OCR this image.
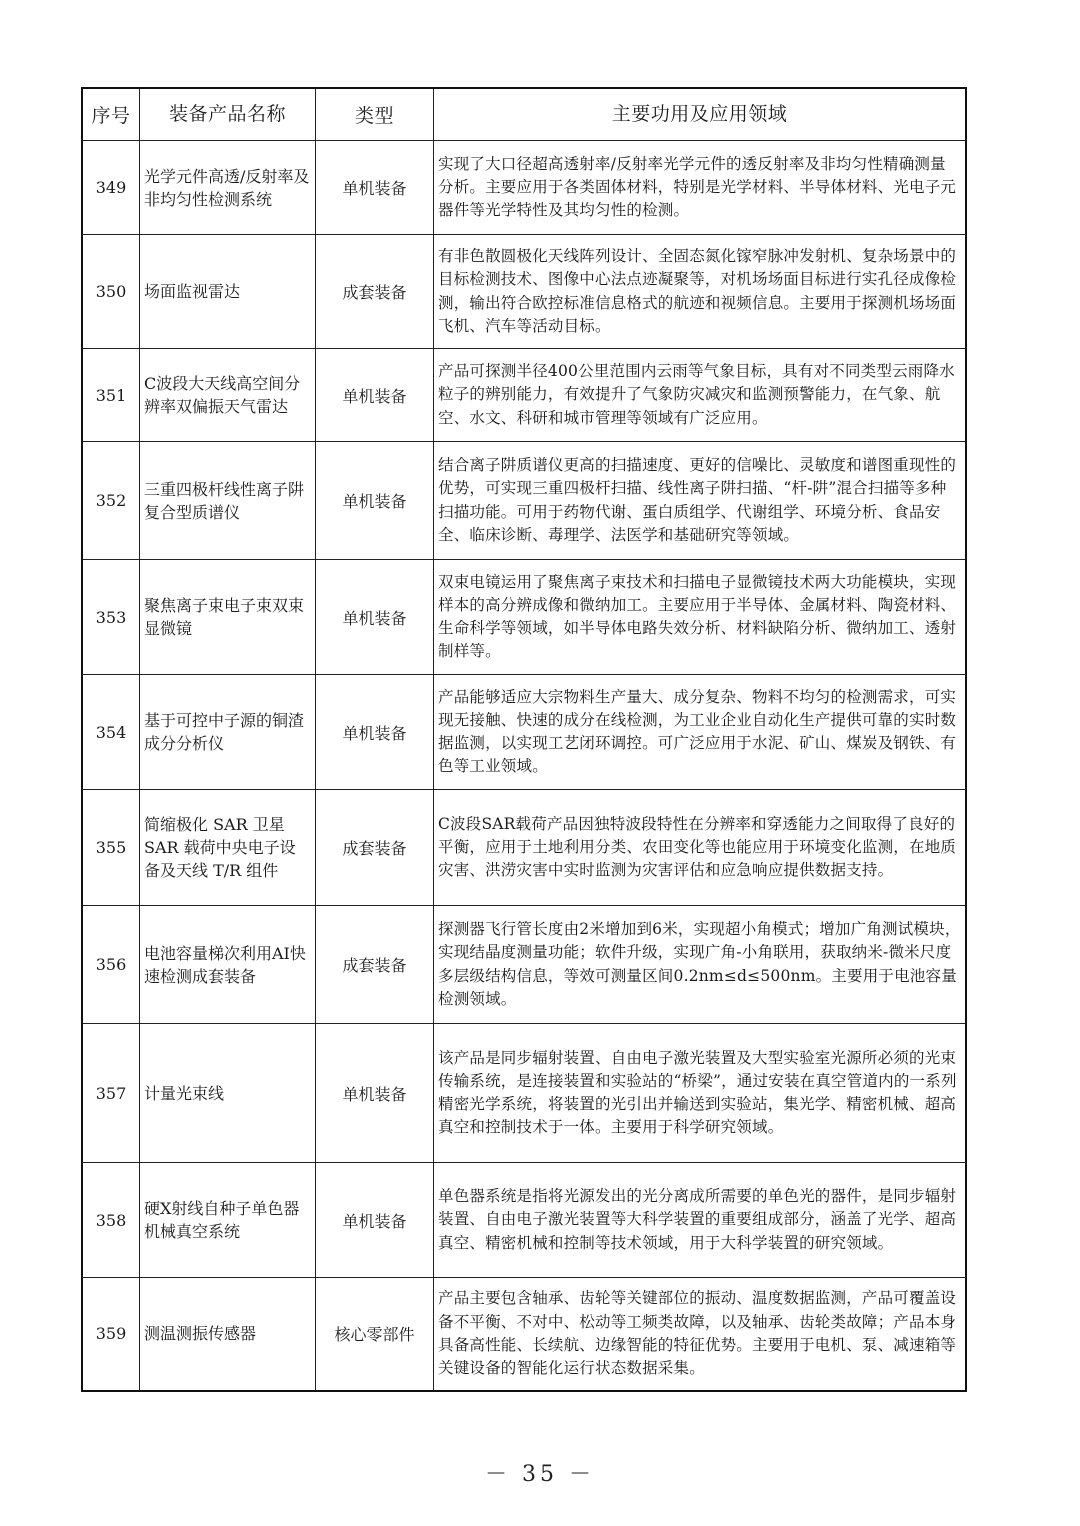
序号	装备产品名称	类型	主要功用及应用领域
349	光学元件高透/反射率及非均匀性检测系统	单机装备	实现了大口径超高透射率/反射率光学元件的透反射率及非均匀性精确测量分析。主要应用于各类固体材料，特别是光学材料、半导体材料、光电子元器件等光学特性及其均匀性的检测。
350	场面监视雷达	成套装备	有非色散圆极化天线阵列设计、全固态氮化镓窄脉冲发射机、复杂场景中的目标检测技术、图像中心法点迹凝聚等，对机场场面目标进行实孔径成像检测，输出符合欧控标准信息格式的航迹和视频信息。主要用于探测机场场面飞机、汽车等活动目标。
351	C波段大天线高空间分辨率双偏振天气雷达	单机装备	产品可探测半径400公里范围内云雨等气象目标，具有对不同类型云雨降水粒子的辨别能力，有效提升了气象防灾减灾和监测预警能力，在气象、航空、水文、科研和城市管理等领域有广泛应用。
352	三重四极杆线性离子阱复合型质谱仪	单机装备	结合离子阱质谱仪更高的扫描速度、更好的信噪比、灵敏度和谱图重现性的优势，可实现三重四极杆扫描、线性离子阱扫描、“杆-阱”混合扫描等多种扫描功能。可用于药物代谢、蛋白质组学、代谢组学、环境分析、食品安全、临床诊断、毒理学、法医学和基础研究等领域。
353	聚焦离子束电子束双束显微镜	单机装备	双束电镜运用了聚焦离子束技术和扫描电子显微镜技术两大功能模块，实现样本的高分辨成像和微纳加工。主要应用于半导体、金属材料、陶瓷材料、生命科学等领域，如半导体电路失效分析、材料缺陷分析、微纳加工、透射制样等。
354	基于可控中子源的铜渣成分分析仪	单机装备	产品能够适应大宗物料生产量大、成分复杂、物料不均匀的检测需求，可实现无接触、快速的成分在线检测，为工业企业自动化生产提供可靠的实时数据监测，以实现工艺闭环调控。可广泛应用于水泥、矿山、煤炭及钢铁、有色等工业领域。
355	简缩极化 SAR 卫星 SAR 载荷中央电子设备及天线 T/R 组件	成套装备	C波段SAR载荷产品因独特波段特性在分辨率和穿透能力之间取得了良好的平衡，应用于土地利用分类、农田变化等也能应用于环境变化监测，在地质灾害、洪涝灾害中实时监测为灾害评估和应急响应提供数据支持。
356	电池容量梯次利用AI快速检测成套装备	成套装备	探测器飞行管长度由2米增加到6米，实现超小角模式；增加广角测试模块，实现结晶度测量功能；软件升级，实现广角-小角联用，获取纳米-微米尺度多层级结构信息，等效可测量区间0.2nm≤d≤500nm。主要用于电池容量检测领域。
357	计量光束线	单机装备	该产品是同步辐射装置、自由电子激光装置及大型实验室光源所必须的光束传输系统，是连接装置和实验站的“桥梁”，通过安装在真空管道内的一系列精密光学系统，将装置的光引出并输送到实验站，集光学、精密机械、超高真空和控制技术于一体。主要用于科学研究领域。
358	硬X射线自种子单色器机械真空系统	单机装备	单色器系统是指将光源发出的光分离成所需要的单色光的器件，是同步辐射装置、自由电子激光装置等大科学装置的重要组成部分，涵盖了光学、超高真空、精密机械和控制等技术领域，用于大科学装置的研究领域。
359	测温测振传感器	核心零部件	产品主要包含轴承、齿轮等关键部位的振动、温度数据监测，产品可覆盖设备不平衡、不对中、松动等工频类故障，以及轴承、齿轮类故障；产品本身具备高性能、长续航、边缘智能的特征优势。主要用于电机、泵、减速箱等关键设备的智能化运行状态数据采集。
－ 35 －
